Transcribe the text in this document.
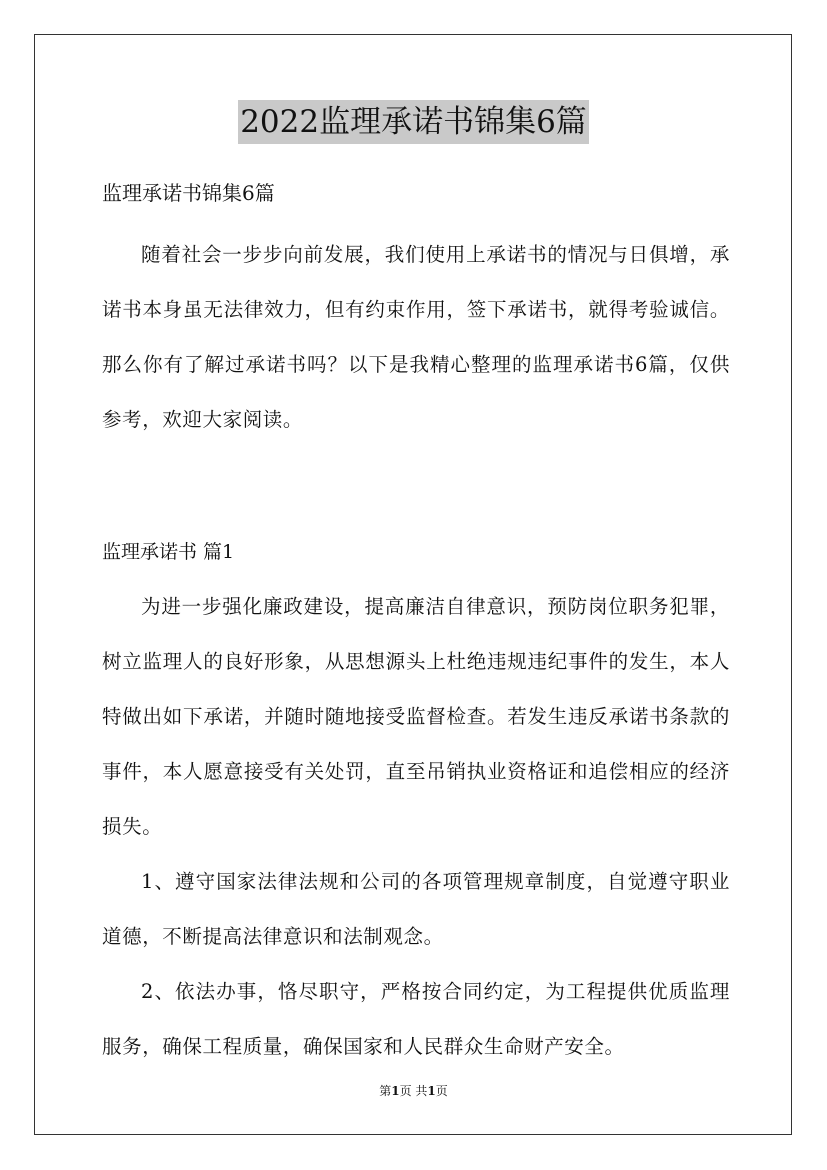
2022监理承诺书锦集6篇
监理承诺书锦集6篇

随着社会一步步向前发展，我们使用上承诺书的情况与日俱增，承诺书本身虽无法律效力，但有约束作用，签下承诺书，就得考验诚信。那么你有了解过承诺书吗？以下是我精心整理的监理承诺书6篇，仅供参考，欢迎大家阅读。

监理承诺书 篇1

为进一步强化廉政建设，提高廉洁自律意识，预防岗位职务犯罪，树立监理人的良好形象，从思想源头上杜绝违规违纪事件的发生，本人特做出如下承诺，并随时随地接受监督检查。若发生违反承诺书条款的事件，本人愿意接受有关处罚，直至吊销执业资格证和追偿相应的经济损失。

1、遵守国家法律法规和公司的各项管理规章制度，自觉遵守职业道德，不断提高法律意识和法制观念。

2、依法办事，恪尽职守，严格按合同约定，为工程提供优质监理服务，确保工程质量，确保国家和人民群众生命财产安全。

第1页 共1页
